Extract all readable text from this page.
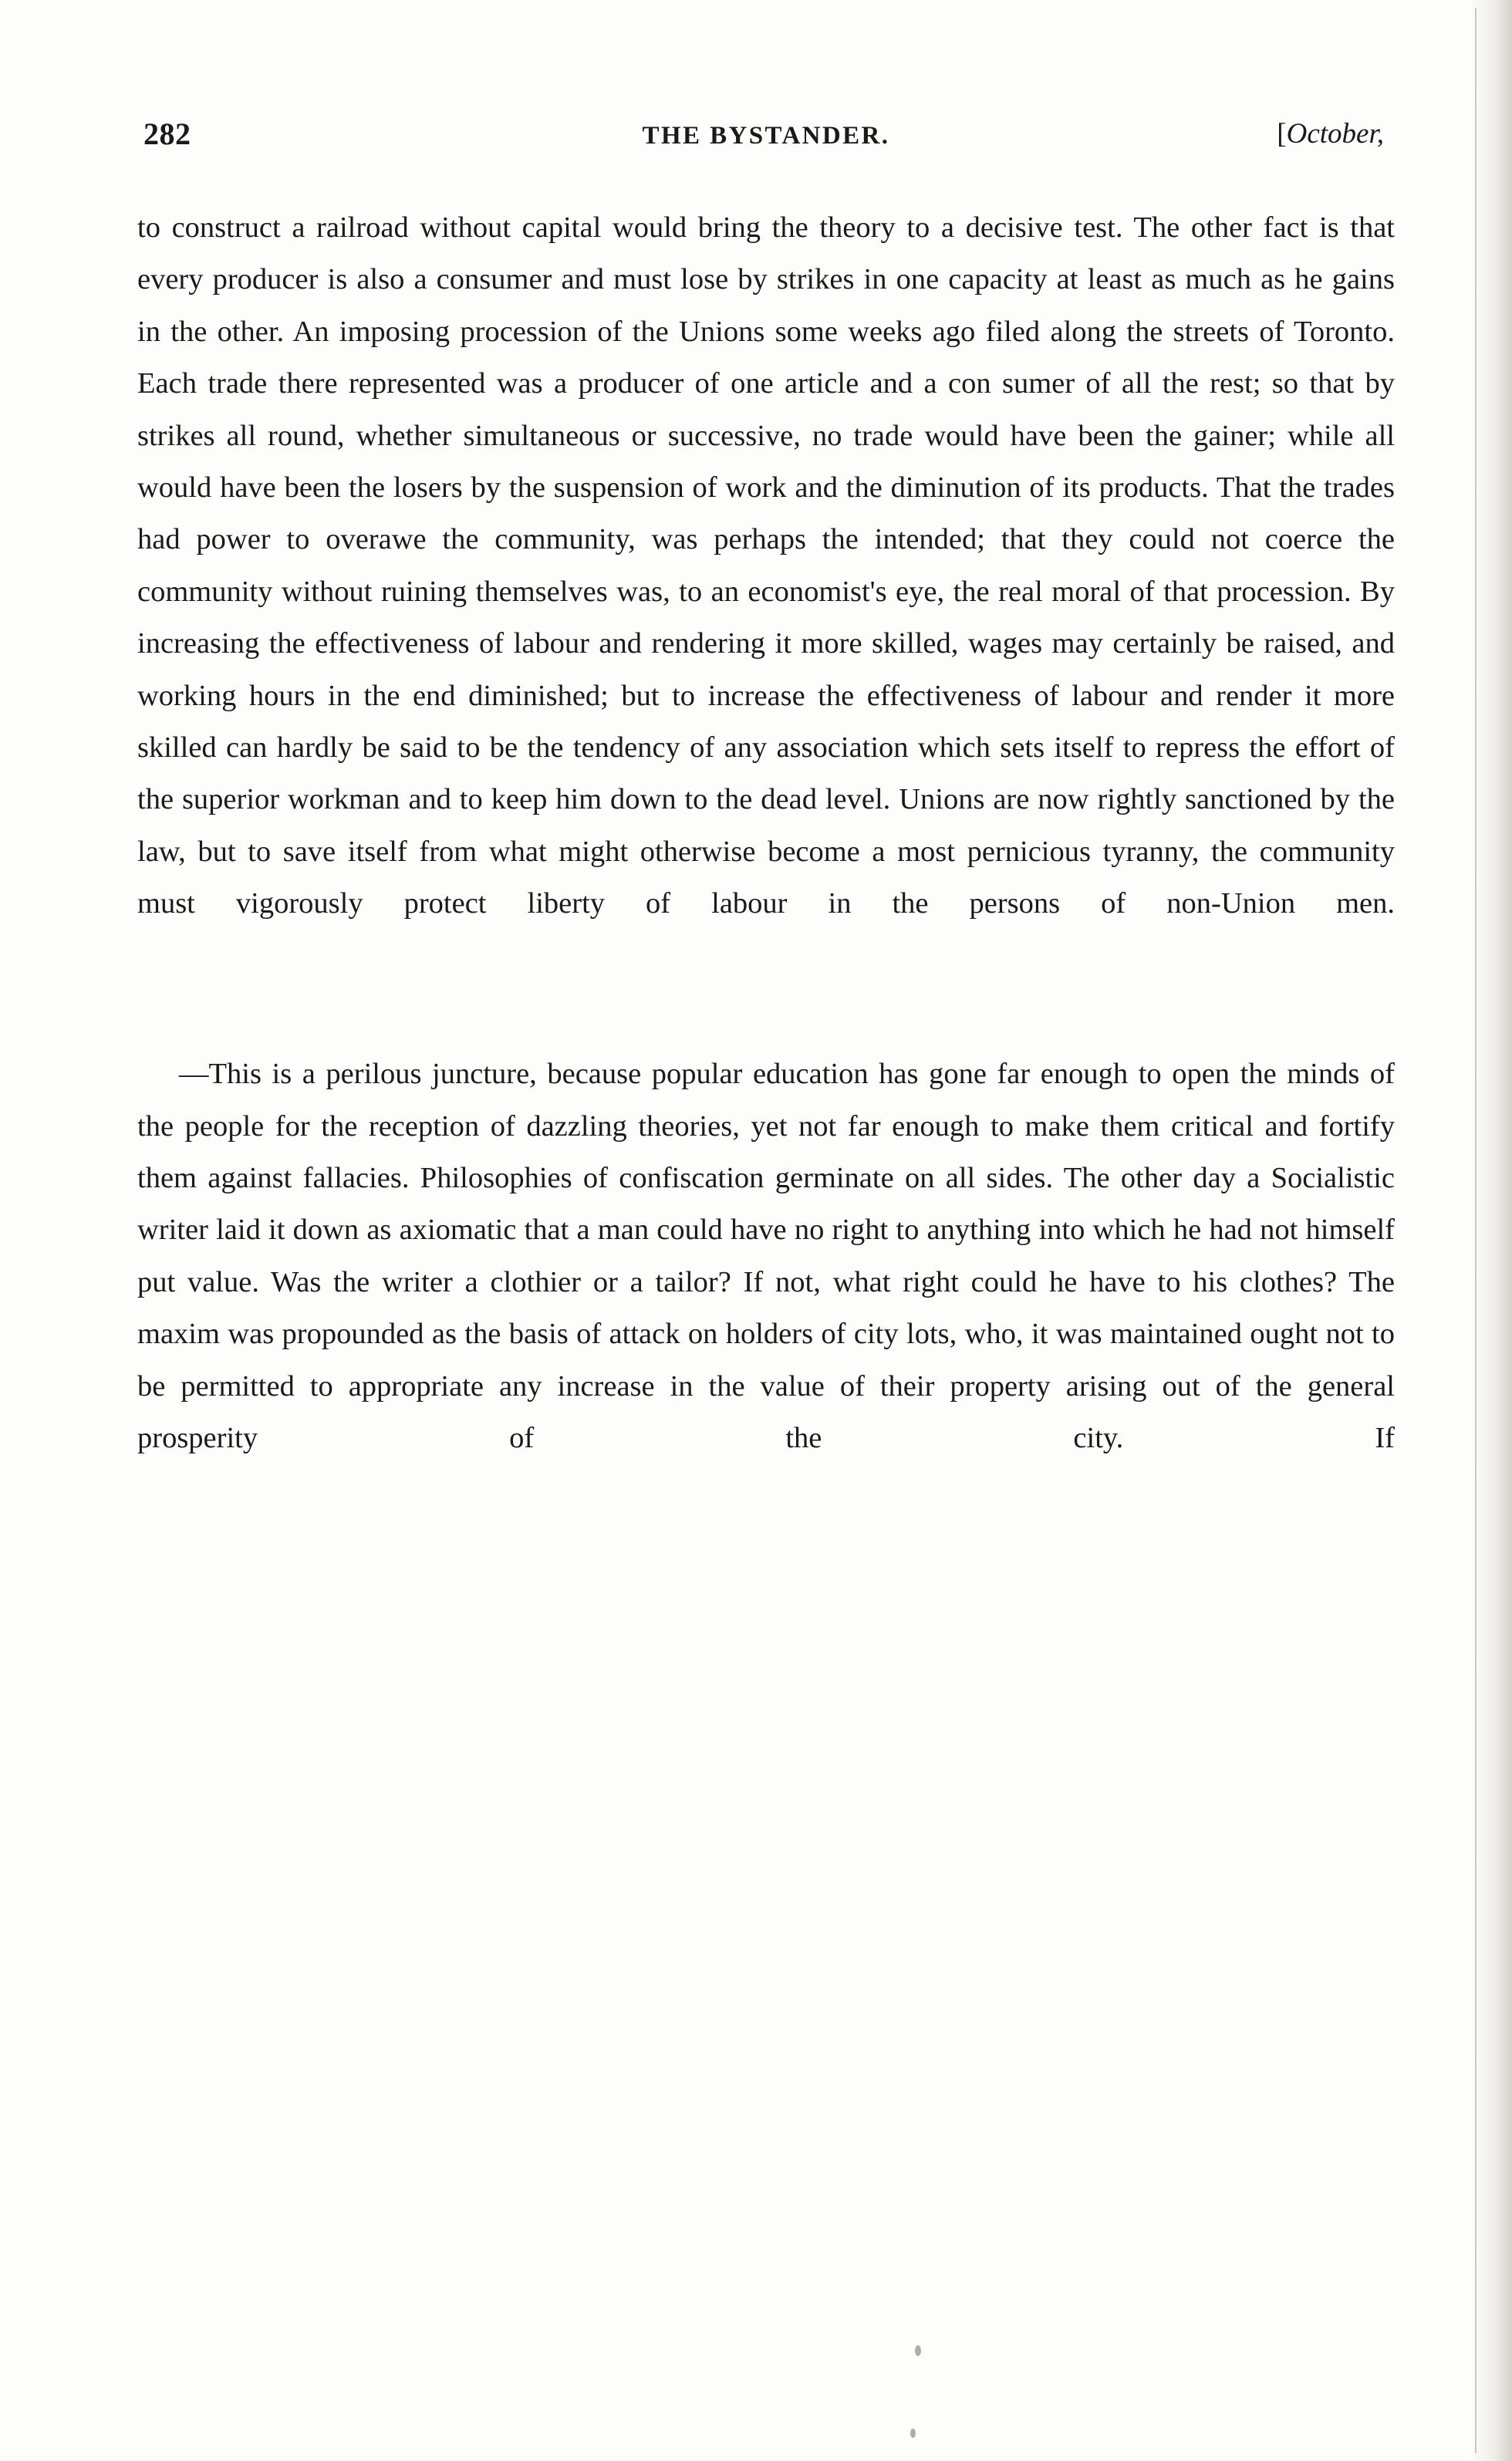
282	THE BYSTANDER.	[October,

to construct a railroad without capital would bring the theory to a decisive test. The other fact is that every producer is also a consumer and must lose by strikes in one capacity at least as much as he gains in the other. An imposing procession of the Unions some weeks ago filed along the streets of Toronto. Each trade there represented was a producer of one article and a con sumer of all the rest; so that by strikes all round, whether simultaneous or successive, no trade would have been the gainer; while all would have been the losers by the suspension of work and the diminution of its products. That the trades had power to overawe the community, was perhaps the intended; that they could not coerce the community without ruining themselves was, to an economist's eye, the real moral of that procession. By increasing the effectiveness of labour and rendering it more skilled, wages may certainly be raised, and working hours in the end diminished; but to increase the effectiveness of labour and render it more skilled can hardly be said to be the tendency of any association which sets itself to repress the effort of the superior workman and to keep him down to the dead level. Unions are now rightly sanctioned by the law, but to save itself from what might otherwise become a most pernicious tyranny, the community must vigorously protect liberty of labour in the persons of non-Union men.

—This is a perilous juncture, because popular education has gone far enough to open the minds of the people for the reception of dazzling theories, yet not far enough to make them critical and fortify them against fallacies. Philosophies of confiscation germinate on all sides. The other day a Socialistic writer laid it down as axiomatic that a man could have no right to anything into which he had not himself put value. Was the writer a clothier or a tailor? If not, what right could he have to his clothes? The maxim was propounded as the basis of attack on holders of city lots, who, it was maintained ought not to be permitted to appropriate any increase in the value of their property arising out of the general prosperity of the city. If
